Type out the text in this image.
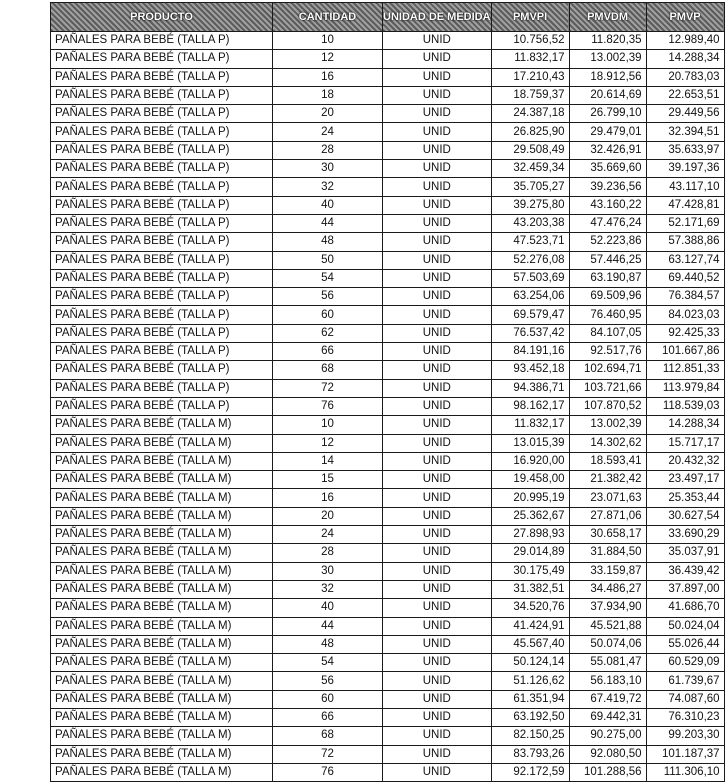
PRODUCTO	CANTIDAD	UNIDAD DE MEDIDA	PMVPI	PMVDM	PMVP
PAÑALES PARA BEBÉ (TALLA P)	10	UNID	10.756,52	11.820,35	12.989,40
PAÑALES PARA BEBÉ (TALLA P)	12	UNID	11.832,17	13.002,39	14.288,34
PAÑALES PARA BEBÉ (TALLA P)	16	UNID	17.210,43	18.912,56	20.783,03
PAÑALES PARA BEBÉ (TALLA P)	18	UNID	18.759,37	20.614,69	22.653,51
PAÑALES PARA BEBÉ (TALLA P)	20	UNID	24.387,18	26.799,10	29.449,56
PAÑALES PARA BEBÉ (TALLA P)	24	UNID	26.825,90	29.479,01	32.394,51
PAÑALES PARA BEBÉ (TALLA P)	28	UNID	29.508,49	32.426,91	35.633,97
PAÑALES PARA BEBÉ (TALLA P)	30	UNID	32.459,34	35.669,60	39.197,36
PAÑALES PARA BEBÉ (TALLA P)	32	UNID	35.705,27	39.236,56	43.117,10
PAÑALES PARA BEBÉ (TALLA P)	40	UNID	39.275,80	43.160,22	47.428,81
PAÑALES PARA BEBÉ (TALLA P)	44	UNID	43.203,38	47.476,24	52.171,69
PAÑALES PARA BEBÉ (TALLA P)	48	UNID	47.523,71	52.223,86	57.388,86
PAÑALES PARA BEBÉ (TALLA P)	50	UNID	52.276,08	57.446,25	63.127,74
PAÑALES PARA BEBÉ (TALLA P)	54	UNID	57.503,69	63.190,87	69.440,52
PAÑALES PARA BEBÉ (TALLA P)	56	UNID	63.254,06	69.509,96	76.384,57
PAÑALES PARA BEBÉ (TALLA P)	60	UNID	69.579,47	76.460,95	84.023,03
PAÑALES PARA BEBÉ (TALLA P)	62	UNID	76.537,42	84.107,05	92.425,33
PAÑALES PARA BEBÉ (TALLA P)	66	UNID	84.191,16	92.517,76	101.667,86
PAÑALES PARA BEBÉ (TALLA P)	68	UNID	93.452,18	102.694,71	112.851,33
PAÑALES PARA BEBÉ (TALLA P)	72	UNID	94.386,71	103.721,66	113.979,84
PAÑALES PARA BEBÉ (TALLA P)	76	UNID	98.162,17	107.870,52	118.539,03
PAÑALES PARA BEBÉ (TALLA M)	10	UNID	11.832,17	13.002,39	14.288,34
PAÑALES PARA BEBÉ (TALLA M)	12	UNID	13.015,39	14.302,62	15.717,17
PAÑALES PARA BEBÉ (TALLA M)	14	UNID	16.920,00	18.593,41	20.432,32
PAÑALES PARA BEBÉ (TALLA M)	15	UNID	19.458,00	21.382,42	23.497,17
PAÑALES PARA BEBÉ (TALLA M)	16	UNID	20.995,19	23.071,63	25.353,44
PAÑALES PARA BEBÉ (TALLA M)	20	UNID	25.362,67	27.871,06	30.627,54
PAÑALES PARA BEBÉ (TALLA M)	24	UNID	27.898,93	30.658,17	33.690,29
PAÑALES PARA BEBÉ (TALLA M)	28	UNID	29.014,89	31.884,50	35.037,91
PAÑALES PARA BEBÉ (TALLA M)	30	UNID	30.175,49	33.159,87	36.439,42
PAÑALES PARA BEBÉ (TALLA M)	32	UNID	31.382,51	34.486,27	37.897,00
PAÑALES PARA BEBÉ (TALLA M)	40	UNID	34.520,76	37.934,90	41.686,70
PAÑALES PARA BEBÉ (TALLA M)	44	UNID	41.424,91	45.521,88	50.024,04
PAÑALES PARA BEBÉ (TALLA M)	48	UNID	45.567,40	50.074,06	55.026,44
PAÑALES PARA BEBÉ (TALLA M)	54	UNID	50.124,14	55.081,47	60.529,09
PAÑALES PARA BEBÉ (TALLA M)	56	UNID	51.126,62	56.183,10	61.739,67
PAÑALES PARA BEBÉ (TALLA M)	60	UNID	61.351,94	67.419,72	74.087,60
PAÑALES PARA BEBÉ (TALLA M)	66	UNID	63.192,50	69.442,31	76.310,23
PAÑALES PARA BEBÉ (TALLA M)	68	UNID	82.150,25	90.275,00	99.203,30
PAÑALES PARA BEBÉ (TALLA M)	72	UNID	83.793,26	92.080,50	101.187,37
PAÑALES PARA BEBÉ (TALLA M)	76	UNID	92.172,59	101.288,56	111.306,10
